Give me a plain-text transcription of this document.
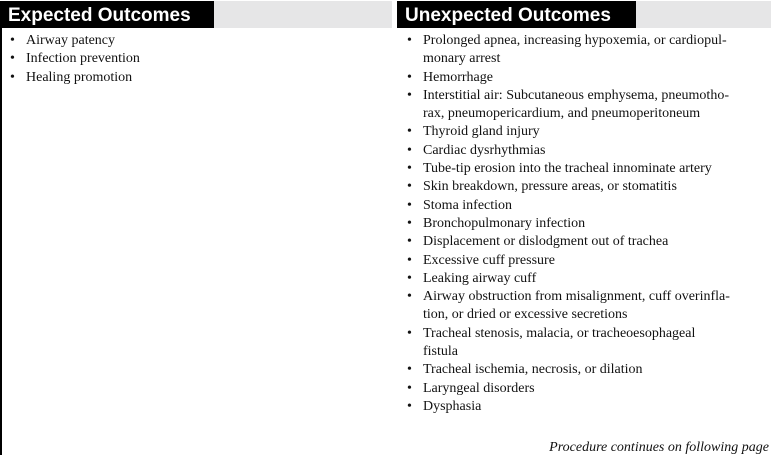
Expected Outcomes
• Airway patency
• Infection prevention
• Healing promotion
Unexpected Outcomes
• Prolonged apnea, increasing hypoxemia, or cardiopul-
monary arrest
• Hemorrhage
• Interstitial air: Subcutaneous emphysema, pneumotho-
rax, pneumopericardium, and pneumoperitoneum
• Thyroid gland injury
• Cardiac dysrhythmias
• Tube-tip erosion into the tracheal innominate artery
• Skin breakdown, pressure areas, or stomatitis
• Stoma infection
• Bronchopulmonary infection
• Displacement or dislodgment out of trachea
• Excessive cuff pressure
• Leaking airway cuff
• Airway obstruction from misalignment, cuff overinfla-
tion, or dried or excessive secretions
• Tracheal stenosis, malacia, or tracheoesophageal
fistula
• Tracheal ischemia, necrosis, or dilation
• Laryngeal disorders
• Dysphasia
Procedure continues on following page
